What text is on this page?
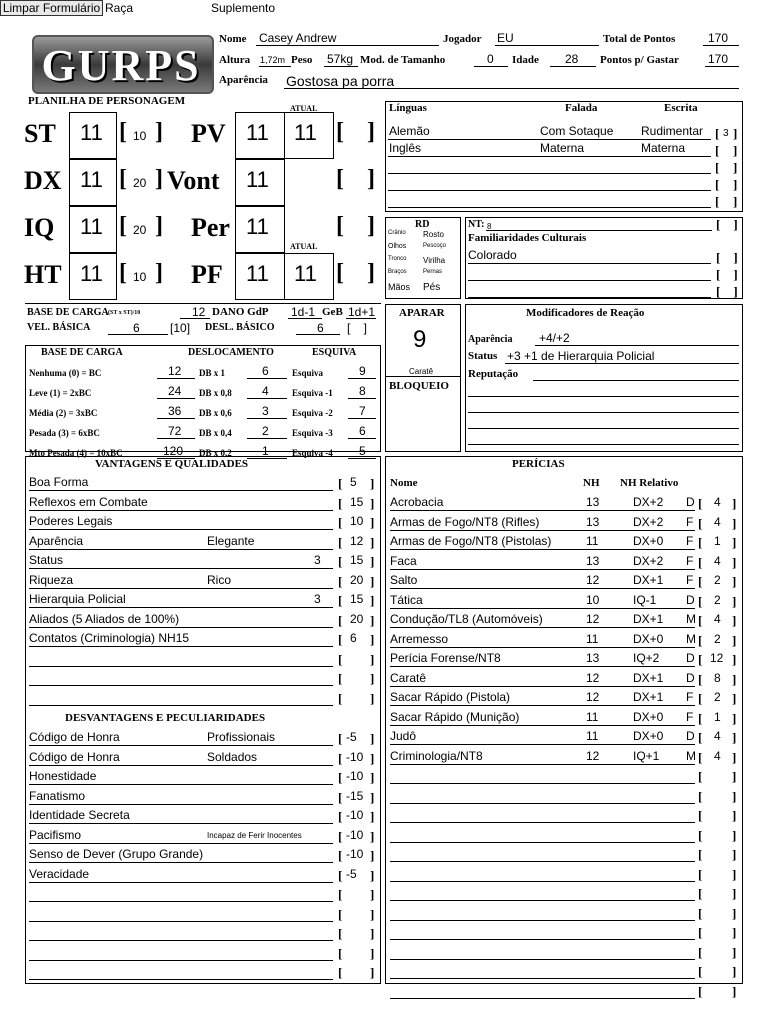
Limpar Formulário Raça	Suplemento
GURPS
Nome Casey Andrew	Jogador EU	Total de Pontos	170
Altura 1,72m Peso 57kg Mod. de Tamanho	0 Idade 28 Pontos p/ Gastar 170
Aparência Gostosa pa porra
PLANILHA DE PERSONAGEM
ATUAL
ATUAL
ST 11 [ 10 ]
DX 11 [ 20 ]
IQ 11 [ 20 ]
HT 11 [ 10 ]
PV 11 11 [ ]
Vont 11	[ ]
Per 11	[ ]
PF 11 11 [ ]
Línguas	Falada	Escrita
Alemão	Com Sotaque Rudimentar [ 3 ]
Inglês	Materna	Materna [ ]
[ ]
[ ]
[ ]
RD
Crânio Rosto
Olhos	Pescoço
Tronco Virilha
Braços	Pernas
Mãos Pés
NT: 8	[    ]
Familiaridades Culturais
Colorado	[    ]
[    ]
[    ]
BASE DE CARGA (ST x ST)/10	12 DANO GdP 1d-1 GeB 1d+1
VEL. BÁSICA	6	[10] DESL. BÁSICO	6 [    ]
BASE DE CARGA	DESLOCAMENTO	ESQUIVA
Nenhuma (0) = BC	12 DB x 1	6	Esquiva	9
Leve (1) = 2xBC	24 DB x 0,8	4	Esquiva -1 8
Média (2) = 3xBC	36 DB x 0,6	3	Esquiva -2 7
Pesada (3) = 6xBC	72 DB x 0,4	2	Esquiva -3 6
Mto Pesada (4) = 10xBC	120 DB x 0,2	1	Esquiva -4 5
APARAR
9
Caratê
BLOQUEIO
Modificadores de Reação
Aparência +4/+2
Status +3 +1 de Hierarquia Policial
Reputação
VANTAGENS E QUALIDADES
Boa Forma	[ 5 ]
Reflexos em Combate	[ 15 ]
Poderes Legais	[ 10 ]
Aparência	Elegante	[ 12 ]
Status	3 [ 15 ]
Riqueza	Rico	[ 20 ]
Hierarquia Policial	3 [ 15 ]
Aliados (5 Aliados de 100%)	[ 20 ]
Contatos (Criminologia) NH15	[ 6 ]
[ ]
[ ]
[ ]
DESVANTAGENS E PECULIARIDADES
Código de Honra	Profissionais	[ -5 ]
Código de Honra	Soldados	[ -10 ]
Honestidade	[ -10 ]
Fanatismo	[ -15 ]
Identidade Secreta	[ -10 ]
Pacifismo	Incapaz de Ferir Inocentes	[ -10 ]
Senso de Dever (Grupo Grande)	[ -10 ]
Veracidade	[ -5 ]
[ ]
[ ]
[ ]
[ ]
[ ]
PERÍCIAS
Nome	NH NH Relativo
Acrobacia	13	DX+2 D [ 4 ]
Armas de Fogo/NT8 (Rifles)	13	DX+2 F [ 4 ]
Armas de Fogo/NT8 (Pistolas)	11	DX+0 F [ 1 ]
Faca	13	DX+2 F [ 4 ]
Salto	12	DX+1 F [ 2 ]
Tática	10	IQ-1 D [ 2 ]
Condução/TL8 (Automóveis)	12	DX+1 M [ 4 ]
Arremesso	11	DX+0 M [ 2 ]
Perícia Forense/NT8	13	IQ+2 D [ 12 ]
Caratê	12	DX+1 D [ 8 ]
Sacar Rápido (Pistola)	12	DX+1 F [ 2 ]
Sacar Rápido (Munição)	11	DX+0 F [ 1 ]
Judô	11	DX+0 D [ 4 ]
Criminologia/NT8	12	IQ+1 M [ 4 ]
[ ]
[ ]
[ ]
[ ]
[ ]
[ ]
[ ]
[ ]
[ ]
[ ]
[ ]
[ ]
